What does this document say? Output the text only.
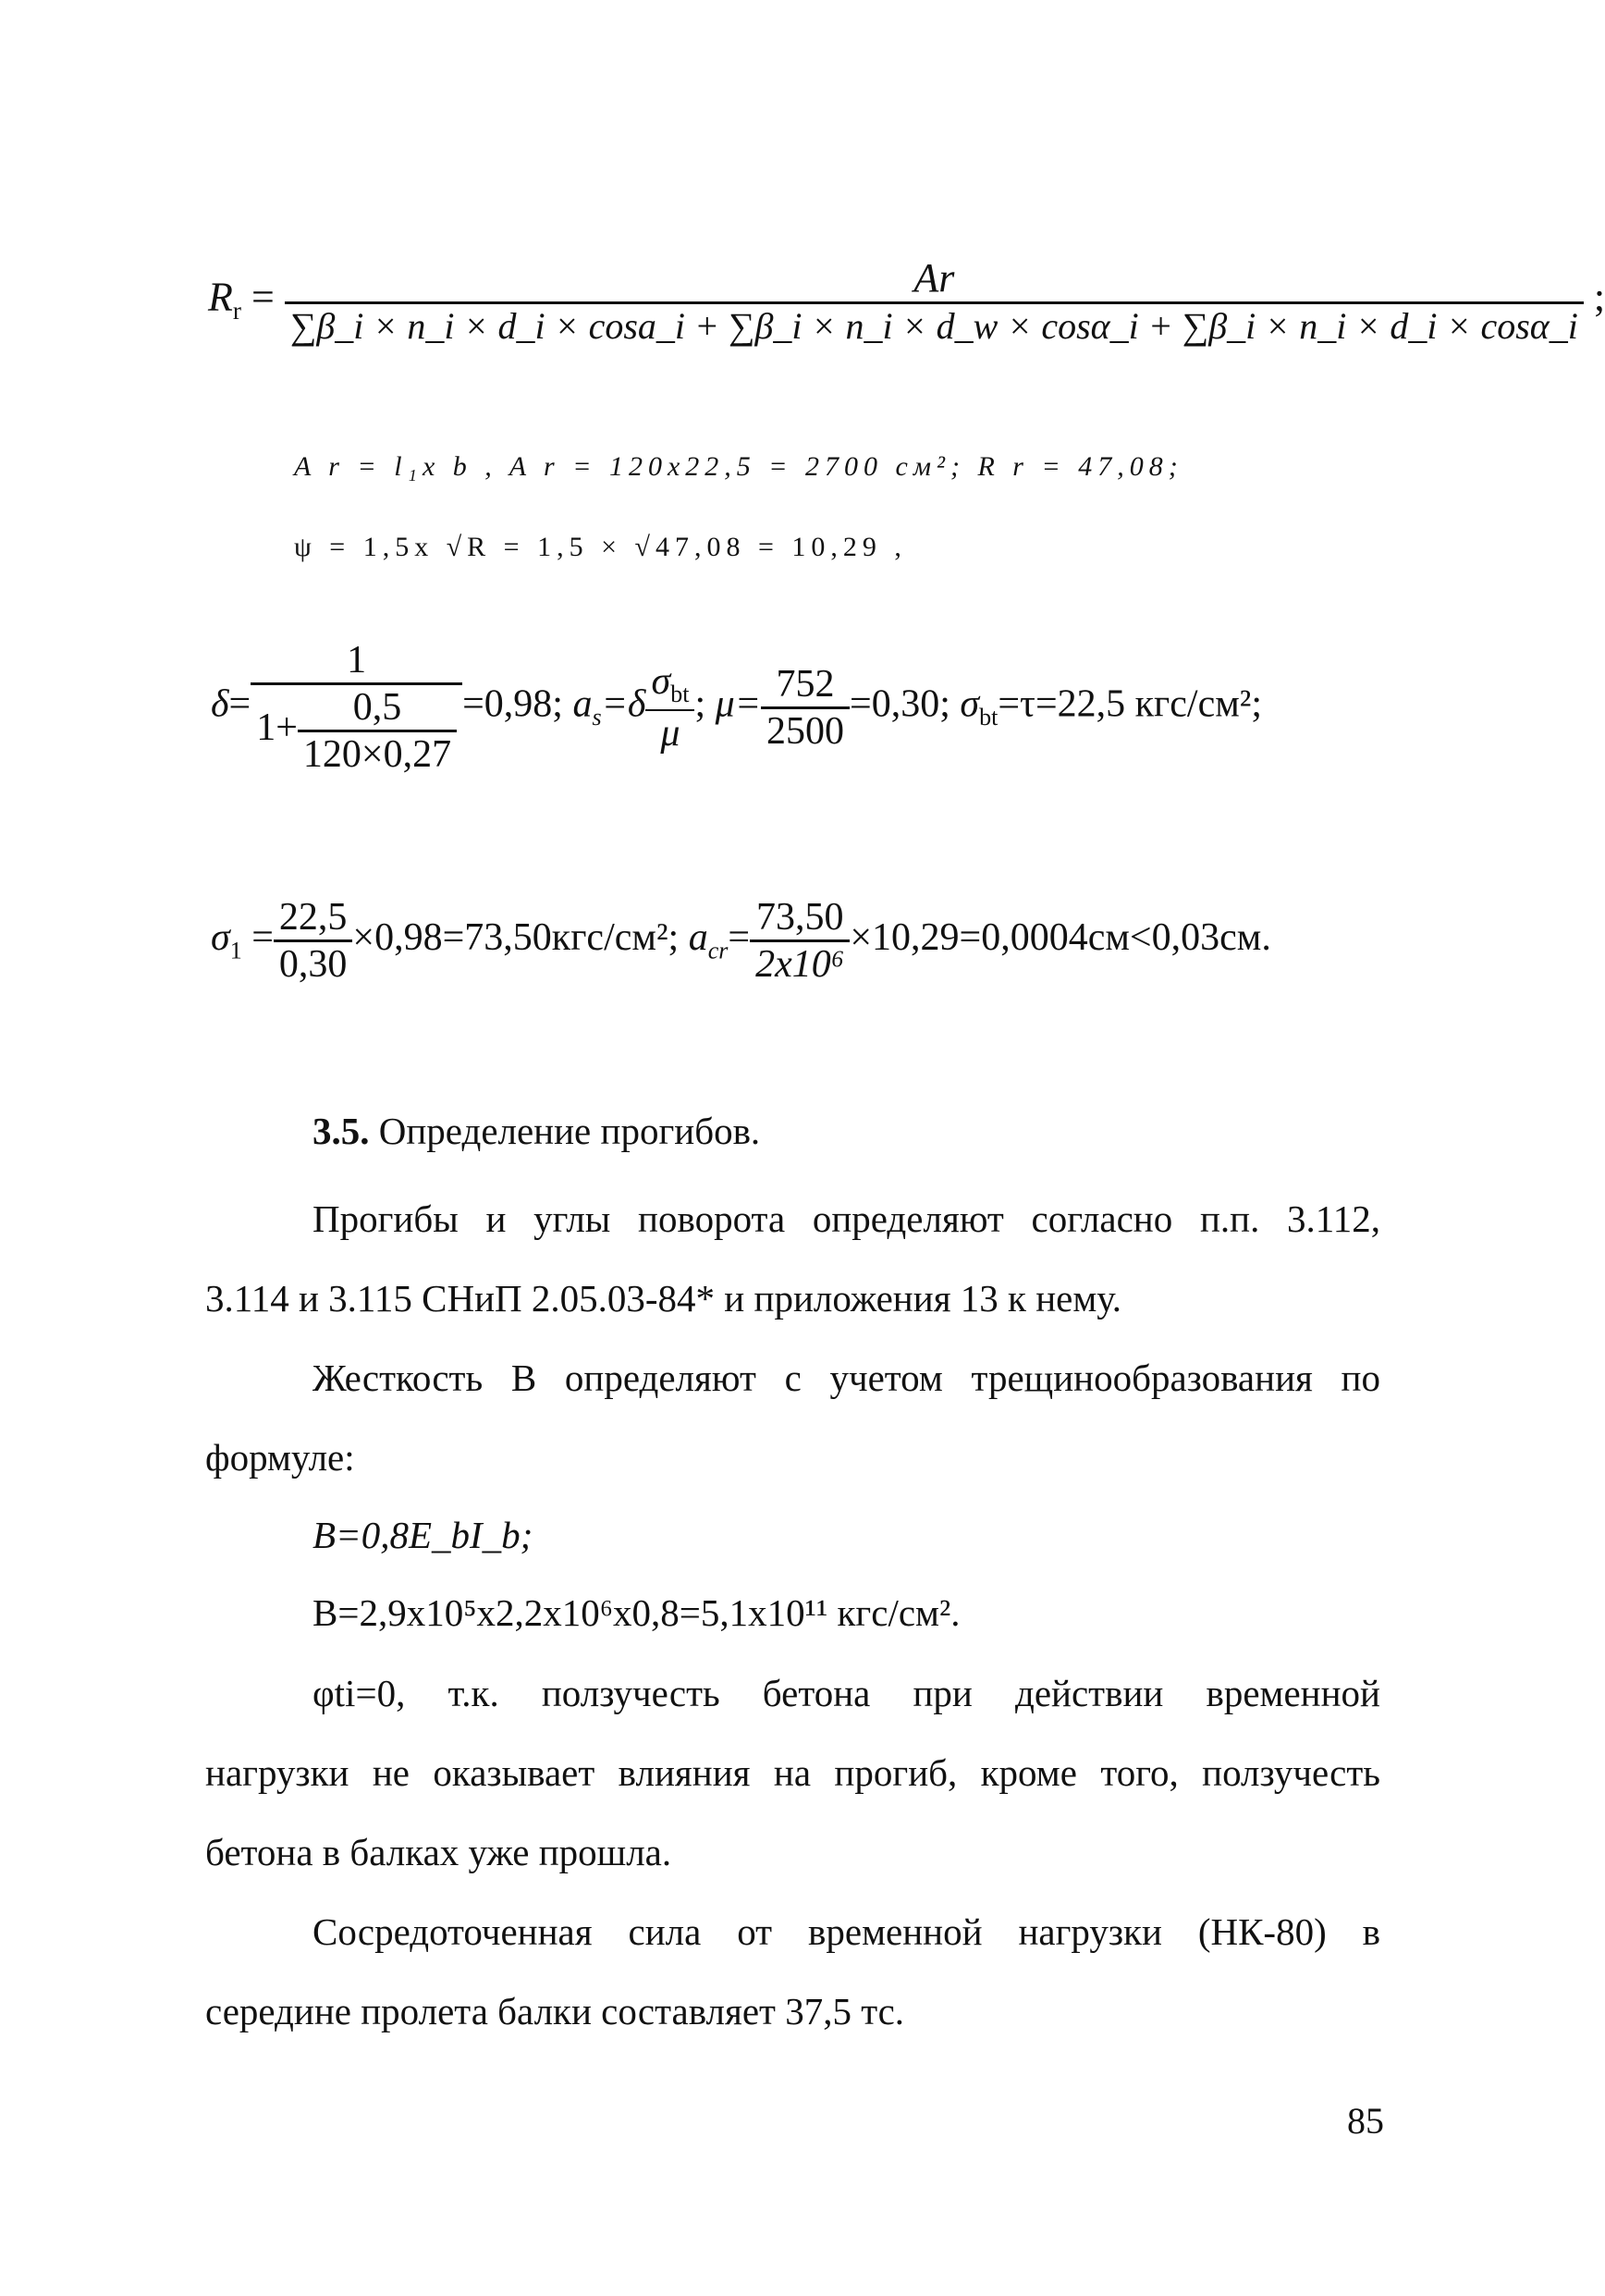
$R_r$ =	Ar
∑β_i × n_i × d_i × cosa_i + ∑β_i × n_i × d_w × cosα_i + ∑β_i × n_i × d_i × cosα_i
;
A r = l₁x b , A r = 120x22,5 = 2700 см²; R r = 47,08;
ψ = 1,5x √R = 1,5 × √47,08 = 10,29 ,
$\delta= \frac{1}{1+ \frac{0,5}{120\times 0,27}} =0,98$; $a_s=\delta \frac{\sigma_{bt}}{\mu}$ ; $\mu= \frac{752}{2500} =0,30$; $\sigma_{bt}=\tau=22,5$ кгс/см²;
$\sigma_1 = \frac{22,5}{0,30} \times 0,98=73,50кгс/см^2$; $a_{cr}= \frac{73,50}{\text{2x10⁶}} \times 10,29=0,0004см<0,03см$.
3.5. Определение прогибов.
Прогибы и углы поворота определяют согласно п.п. 3.112,
3.114 и 3.115 СНиП 2.05.03-84* и приложения 13 к нему.
Жесткость В определяют с учетом трещинообразования по
формуле:
B=0,8E_bI_b;
B=2,9x10⁵x2,2x10⁶x0,8=5,1x10¹¹ кгс/см².
φti=0, т.к. ползучесть бетона при действии временной
нагрузки не оказывает влияния на прогиб, кроме того, ползучесть
бетона в балках уже прошла.
Сосредоточенная сила от временной нагрузки (НК-80) в
середине пролета балки составляет 37,5 тс.
85
